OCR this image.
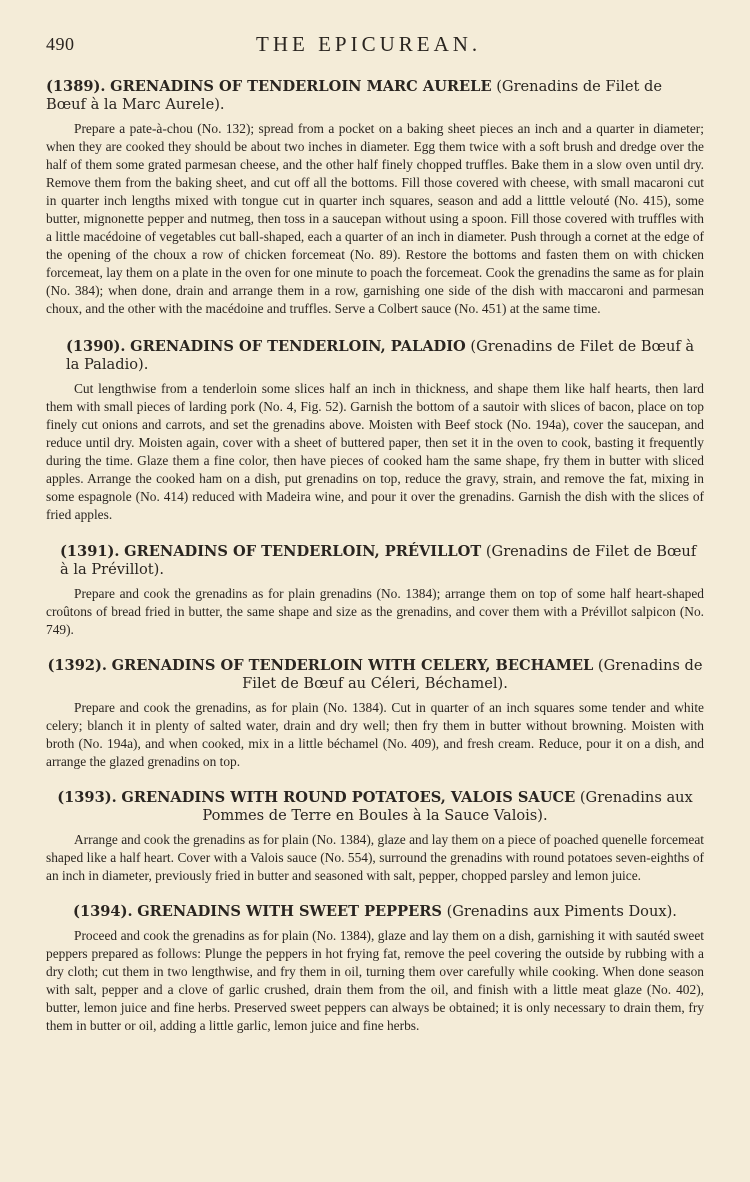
490	THE EPICUREAN.
(1389). GRENADINS OF TENDERLOIN MARC AURELE (Grenadins de Filet de Bœuf à la Marc Aurele).

Prepare a pate-à-chou (No. 132); spread from a pocket on a baking sheet pieces an inch and a quarter in diameter; when they are cooked they should be about two inches in diameter. Egg them twice with a soft brush and dredge over the half of them some grated parmesan cheese, and the other half finely chopped truffles. Bake them in a slow oven until dry. Remove them from the baking sheet, and cut off all the bottoms. Fill those covered with cheese, with small macaroni cut in quarter inch lengths mixed with tongue cut in quarter inch squares, season and add a litttle velouté (No. 415), some butter, mignonette pepper and nutmeg, then toss in a saucepan without using a spoon. Fill those covered with truffles with a little macédoine of vegetables cut ball-shaped, each a quarter of an inch in diameter. Push through a cornet at the edge of the opening of the choux a row of chicken forcemeat (No. 89). Restore the bottoms and fasten them on with chicken forcemeat, lay them on a plate in the oven for one minute to poach the forcemeat. Cook the grenadins the same as for plain (No. 384); when done, drain and arrange them in a row, garnishing one side of the dish with maccaroni and parmesan choux, and the other with the macédoine and truffles. Serve a Colbert sauce (No. 451) at the same time.

(1390). GRENADINS OF TENDERLOIN, PALADIO (Grenadins de Filet de Bœuf à la Paladio).

Cut lengthwise from a tenderloin some slices half an inch in thickness, and shape them like half hearts, then lard them with small pieces of larding pork (No. 4, Fig. 52). Garnish the bottom of a sautoir with slices of bacon, place on top finely cut onions and carrots, and set the grenadins above. Moisten with Beef stock (No. 194a), cover the saucepan, and reduce until dry. Moisten again, cover with a sheet of buttered paper, then set it in the oven to cook, basting it frequently during the time. Glaze them a fine color, then have pieces of cooked ham the same shape, fry them in butter with sliced apples. Arrange the cooked ham on a dish, put grenadins on top, reduce the gravy, strain, and remove the fat, mixing in some espagnole (No. 414) reduced with Madeira wine, and pour it over the grenadins. Garnish the dish with the slices of fried apples.

(1391). GRENADINS OF TENDERLOIN, PRÉVILLOT (Grenadins de Filet de Bœuf à la Prévillot).

Prepare and cook the grenadins as for plain grenadins (No. 1384); arrange them on top of some half heart-shaped croûtons of bread fried in butter, the same shape and size as the grenadins, and cover them with a Prévillot salpicon (No. 749).

(1392). GRENADINS OF TENDERLOIN WITH CELERY, BECHAMEL (Grenadins de Filet de Bœuf au Céleri, Béchamel).

Prepare and cook the grenadins, as for plain (No. 1384). Cut in quarter of an inch squares some tender and white celery; blanch it in plenty of salted water, drain and dry well; then fry them in butter without browning. Moisten with broth (No. 194a), and when cooked, mix in a little béchamel (No. 409), and fresh cream. Reduce, pour it on a dish, and arrange the glazed grenadins on top.

(1393). GRENADINS WITH ROUND POTATOES, VALOIS SAUCE (Grenadins aux Pommes de Terre en Boules à la Sauce Valois).

Arrange and cook the grenadins as for plain (No. 1384), glaze and lay them on a piece of poached quenelle forcemeat shaped like a half heart. Cover with a Valois sauce (No. 554), surround the grenadins with round potatoes seven-eighths of an inch in diameter, previously fried in butter and seasoned with salt, pepper, chopped parsley and lemon juice.

(1394). GRENADINS WITH SWEET PEPPERS (Grenadins aux Piments Doux).

Proceed and cook the grenadins as for plain (No. 1384), glaze and lay them on a dish, garnishing it with sautéd sweet peppers prepared as follows: Plunge the peppers in hot frying fat, remove the peel covering the outside by rubbing with a dry cloth; cut them in two lengthwise, and fry them in oil, turning them over carefully while cooking. When done season with salt, pepper and a clove of garlic crushed, drain them from the oil, and finish with a little meat glaze (No. 402), butter, lemon juice and fine herbs. Preserved sweet peppers can always be obtained; it is only necessary to drain them, fry them in butter or oil, adding a little garlic, lemon juice and fine herbs.
